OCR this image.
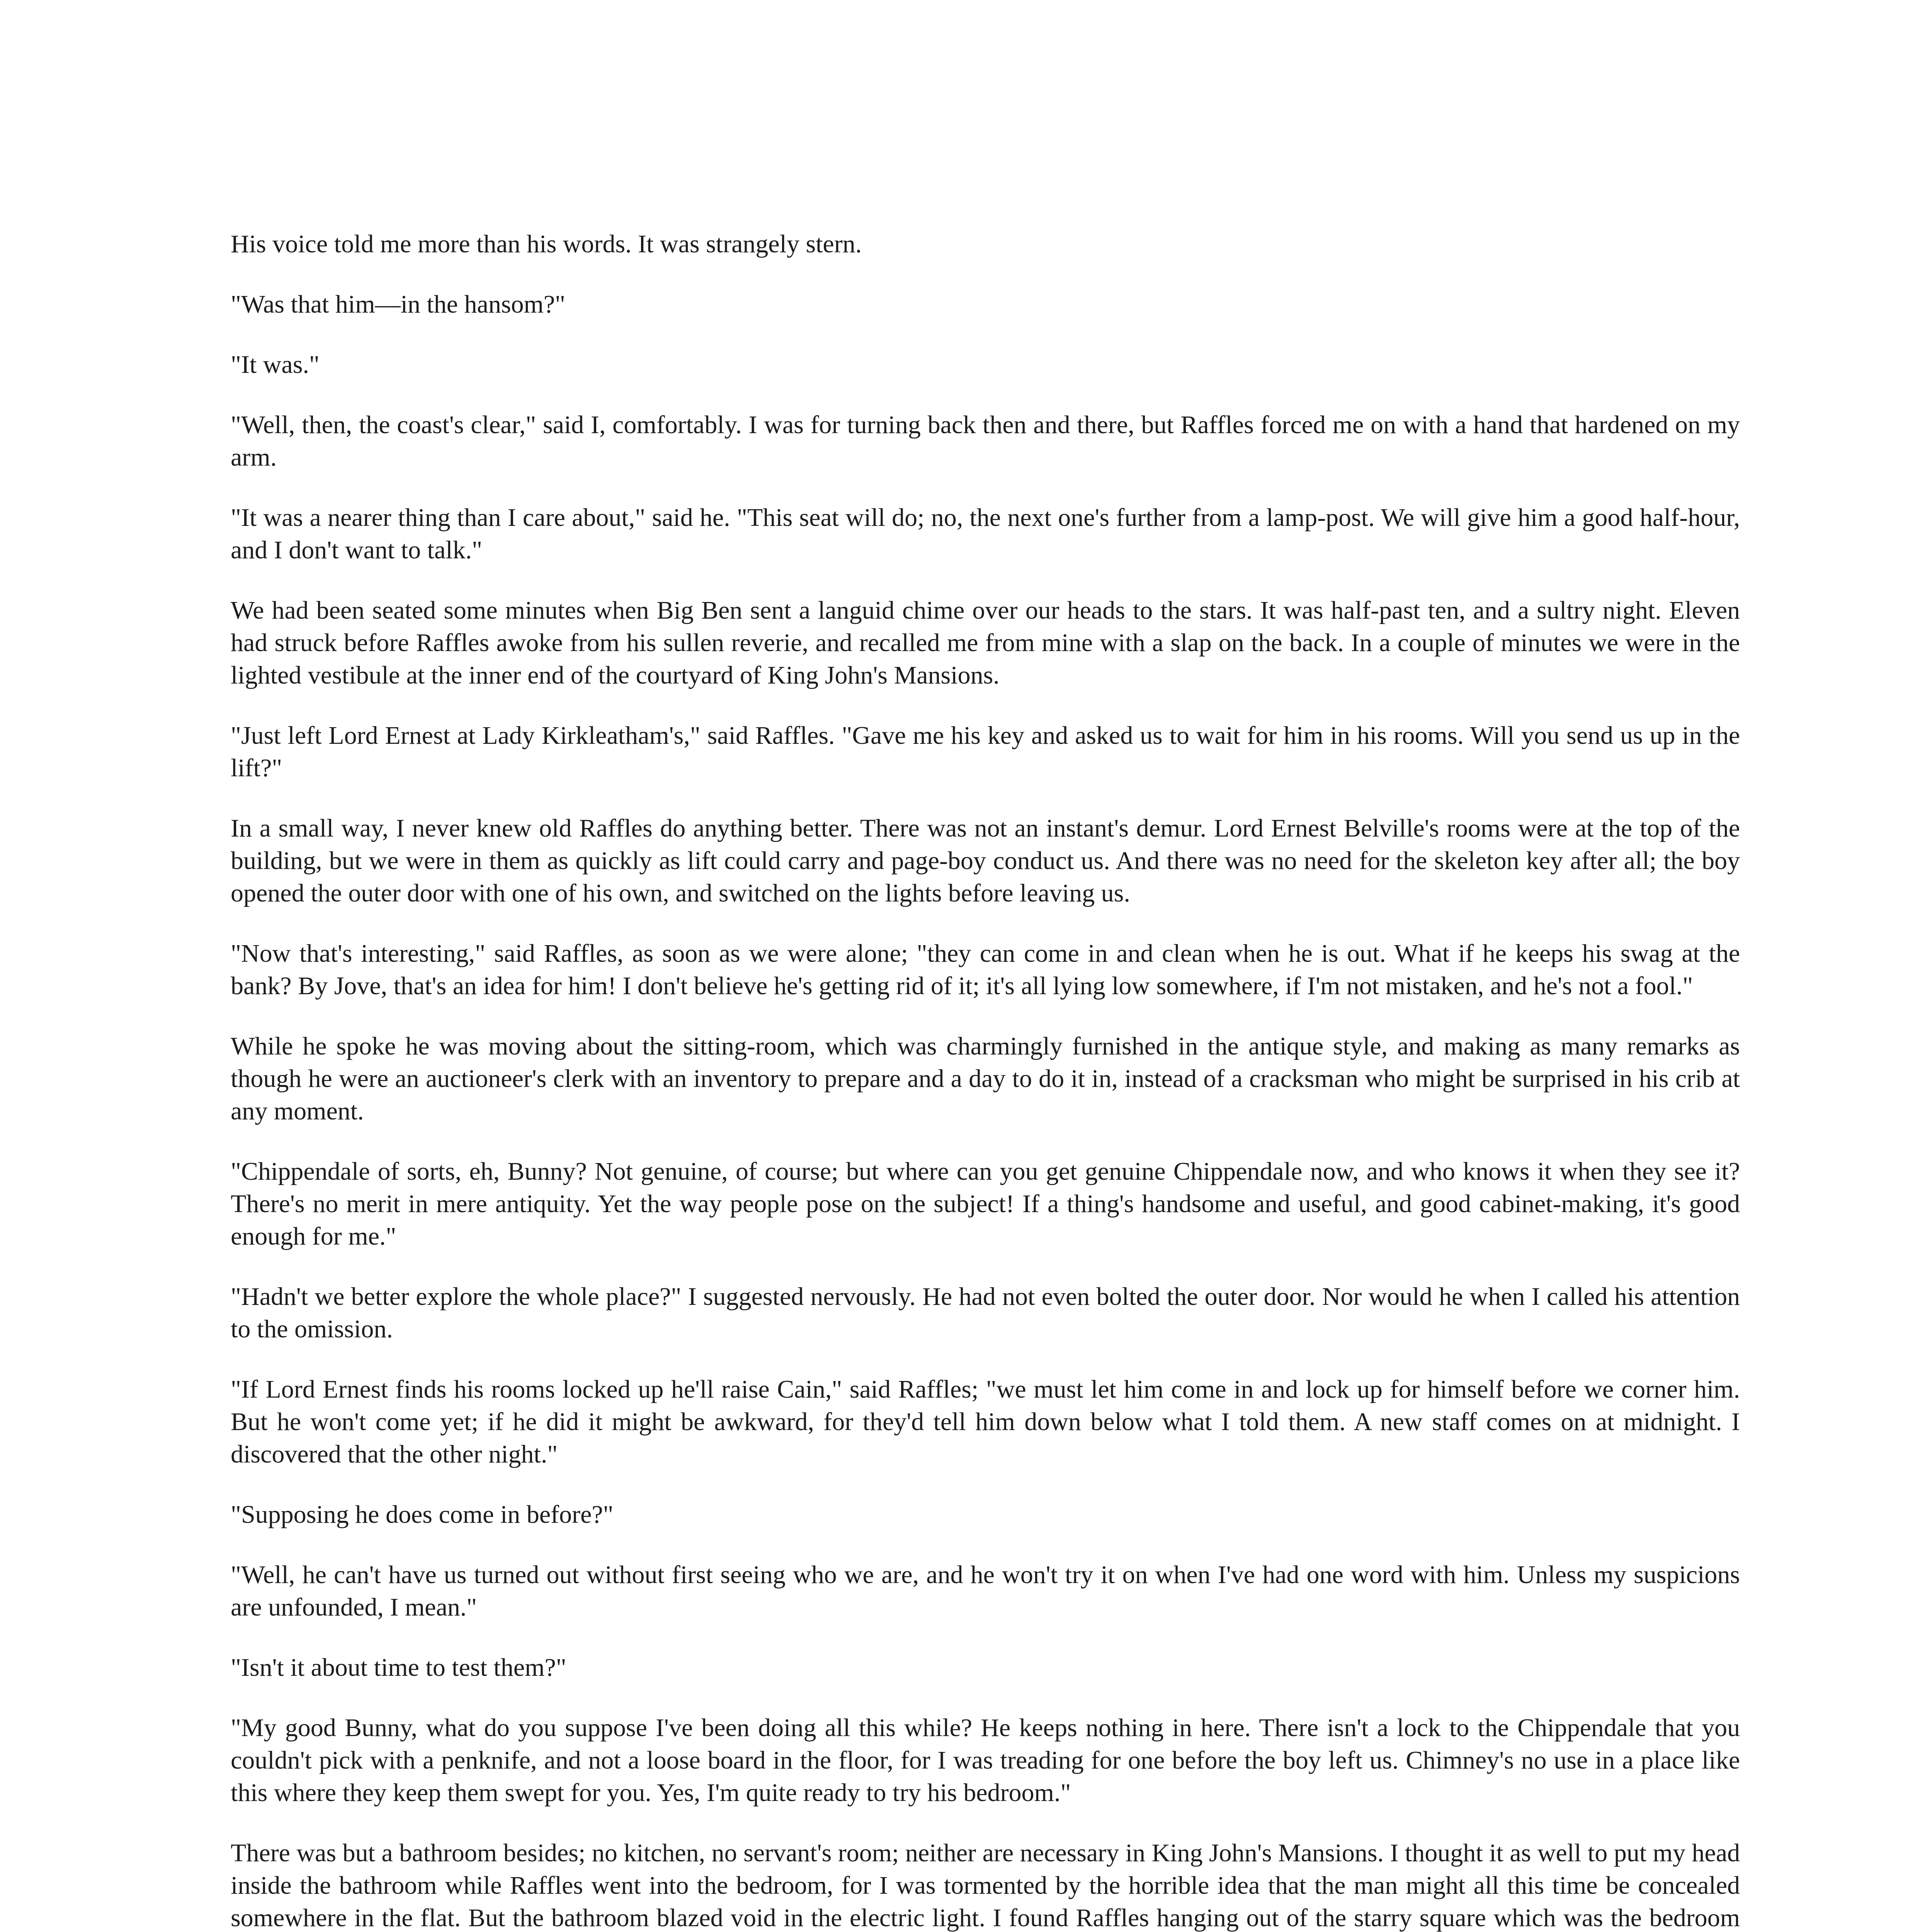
His voice told me more than his words. It was strangely stern.

"Was that him—in the hansom?"

"It was."

"Well, then, the coast's clear," said I, comfortably. I was for turning back then and there, but Raffles forced me on with a hand that hardened on my arm.

"It was a nearer thing than I care about," said he. "This seat will do; no, the next one's further from a lamp-post. We will give him a good half-hour, and I don't want to talk."

We had been seated some minutes when Big Ben sent a languid chime over our heads to the stars. It was half-past ten, and a sultry night. Eleven had struck before Raffles awoke from his sullen reverie, and recalled me from mine with a slap on the back. In a couple of minutes we were in the lighted vestibule at the inner end of the courtyard of King John's Mansions.

"Just left Lord Ernest at Lady Kirkleatham's," said Raffles. "Gave me his key and asked us to wait for him in his rooms. Will you send us up in the lift?"

In a small way, I never knew old Raffles do anything better. There was not an instant's demur. Lord Ernest Belville's rooms were at the top of the building, but we were in them as quickly as lift could carry and page-boy conduct us. And there was no need for the skeleton key after all; the boy opened the outer door with one of his own, and switched on the lights before leaving us.

"Now that's interesting," said Raffles, as soon as we were alone; "they can come in and clean when he is out. What if he keeps his swag at the bank? By Jove, that's an idea for him! I don't believe he's getting rid of it; it's all lying low somewhere, if I'm not mistaken, and he's not a fool."

While he spoke he was moving about the sitting-room, which was charmingly furnished in the antique style, and making as many remarks as though he were an auctioneer's clerk with an inventory to prepare and a day to do it in, instead of a cracksman who might be surprised in his crib at any moment.

"Chippendale of sorts, eh, Bunny? Not genuine, of course; but where can you get genuine Chippendale now, and who knows it when they see it? There's no merit in mere antiquity. Yet the way people pose on the subject! If a thing's handsome and useful, and good cabinet-making, it's good enough for me."

"Hadn't we better explore the whole place?" I suggested nervously. He had not even bolted the outer door. Nor would he when I called his attention to the omission.

"If Lord Ernest finds his rooms locked up he'll raise Cain," said Raffles; "we must let him come in and lock up for himself before we corner him. But he won't come yet; if he did it might be awkward, for they'd tell him down below what I told them. A new staff comes on at midnight. I discovered that the other night."

"Supposing he does come in before?"

"Well, he can't have us turned out without first seeing who we are, and he won't try it on when I've had one word with him. Unless my suspicions are unfounded, I mean."

"Isn't it about time to test them?"

"My good Bunny, what do you suppose I've been doing all this while? He keeps nothing in here. There isn't a lock to the Chippendale that you couldn't pick with a penknife, and not a loose board in the floor, for I was treading for one before the boy left us. Chimney's no use in a place like this where they keep them swept for you. Yes, I'm quite ready to try his bedroom."

There was but a bathroom besides; no kitchen, no servant's room; neither are necessary in King John's Mansions. I thought it as well to put my head inside the bathroom while Raffles went into the bedroom, for I was tormented by the horrible idea that the man might all this time be concealed somewhere in the flat. But the bathroom blazed void in the electric light. I found Raffles hanging out of the starry square which was the bedroom
